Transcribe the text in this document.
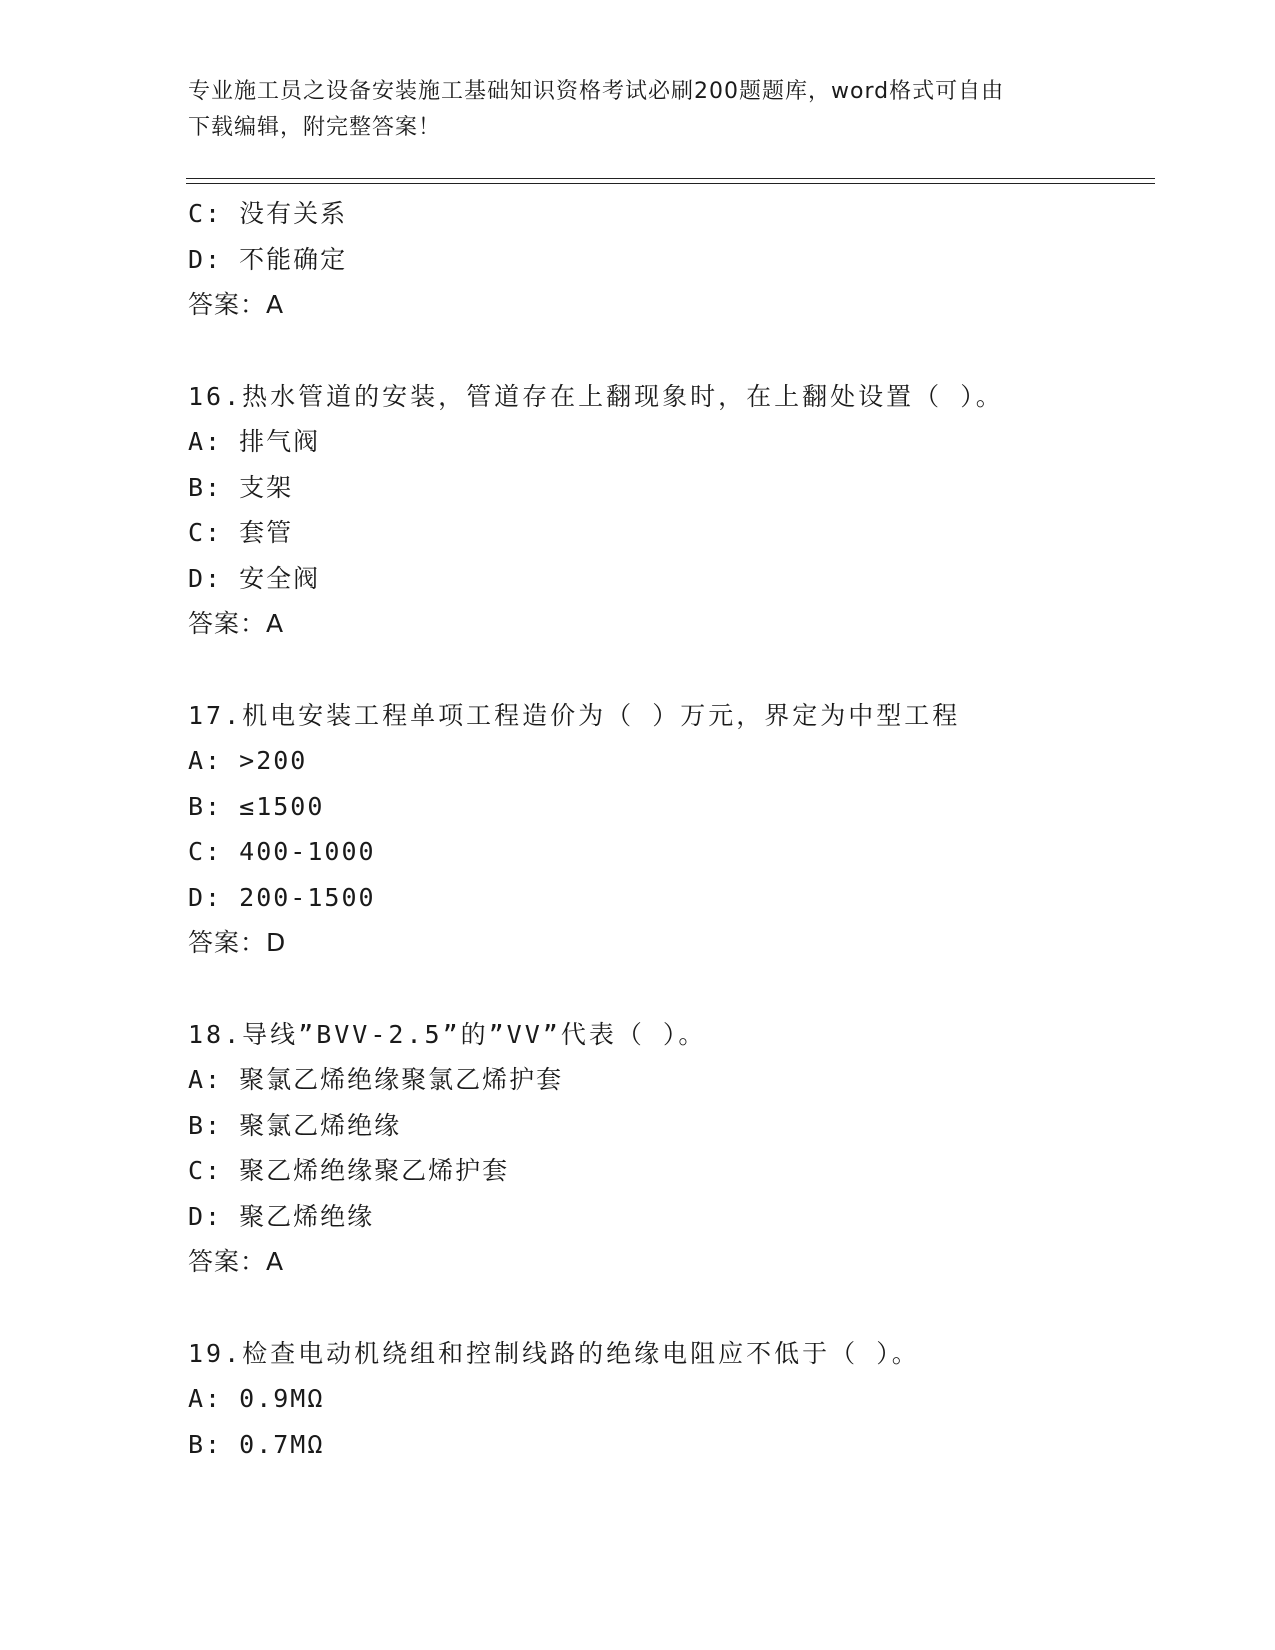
专业施工员之设备安装施工基础知识资格考试必刷200题题库，word格式可自由
下载编辑，附完整答案！
C: 没有关系
D: 不能确定
答案：A
16.热水管道的安装，管道存在上翻现象时，在上翻处设置（ ）。
A: 排气阀
B: 支架
C: 套管
D: 安全阀
答案：A
17.机电安装工程单项工程造价为（ ）万元，界定为中型工程
A: >200
B: ≤1500
C: 400-1000
D: 200-1500
答案：D
18.导线”BVV-2.5”的”VV”代表（ ）。
A: 聚氯乙烯绝缘聚氯乙烯护套
B: 聚氯乙烯绝缘
C: 聚乙烯绝缘聚乙烯护套
D: 聚乙烯绝缘
答案：A
19.检查电动机绕组和控制线路的绝缘电阻应不低于（ ）。
A: 0.9MΩ
B: 0.7MΩ
